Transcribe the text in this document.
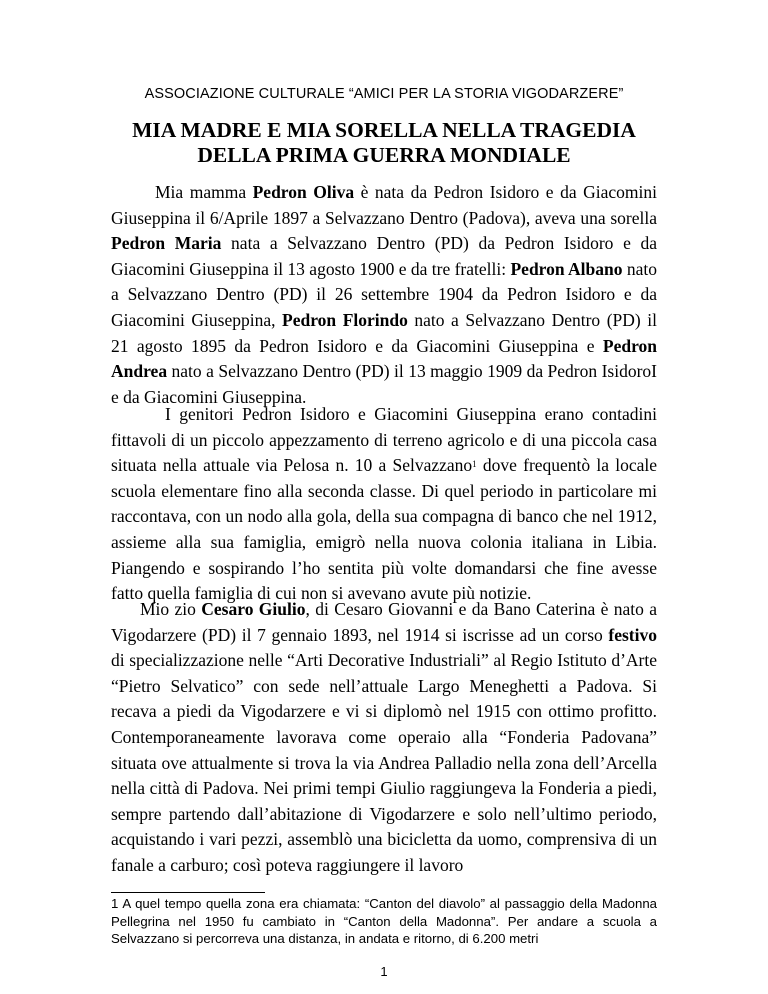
ASSOCIAZIONE CULTURALE “AMICI PER LA STORIA VIGODARZERE”
MIA MADRE E MIA SORELLA NELLA TRAGEDIA DELLA PRIMA GUERRA MONDIALE

Mia mamma Pedron Oliva è nata da Pedron Isidoro e da Giacomini Giuseppina il 6/Aprile 1897 a Selvazzano Dentro (Padova), aveva una sorella Pedron Maria nata a Selvazzano Dentro (PD) da Pedron Isidoro e da Giacomini Giuseppina il 13 agosto 1900 e da tre fratelli: Pedron Albano nato a Selvazzano Dentro (PD) il 26 settembre 1904 da Pedron Isidoro e da Giacomini Giuseppina, Pedron Florindo nato a Selvazzano Dentro (PD) il 21 agosto 1895 da Pedron Isidoro e da Giacomini Giuseppina e Pedron Andrea nato a Selvazzano Dentro (PD) il 13 maggio 1909 da Pedron IsidoroI e da Giacomini Giuseppina.

I genitori Pedron Isidoro e Giacomini Giuseppina erano contadini fittavoli di un piccolo appezzamento di terreno agricolo e di una piccola casa situata nella attuale via Pelosa n. 10 a Selvazzano$^1$ dove frequentò la locale scuola elementare fino alla seconda classe. Di quel periodo in particolare mi raccontava, con un nodo alla gola, della sua compagna di banco che nel 1912, assieme alla sua famiglia, emigrò nella nuova colonia italiana in Libia. Piangendo e sospirando l’ho sentita più volte domandarsi che fine avesse fatto quella famiglia di cui non si avevano avute più notizie.

Mio zio Cesaro Giulio, di Cesaro Giovanni e da Bano Caterina è nato a Vigodarzere (PD) il 7 gennaio 1893, nel 1914 si iscrisse ad un corso festivo di specializzazione nelle “Arti Decorative Industriali” al Regio Istituto d’Arte “Pietro Selvatico” con sede nell’attuale Largo Meneghetti a Padova. Si recava a piedi da Vigodarzere e vi si diplomò nel 1915 con ottimo profitto. Contemporaneamente lavorava come operaio alla “Fonderia Padovana” situata ove attualmente si trova la via Andrea Palladio nella zona dell’Arcella nella città di Padova. Nei primi tempi Giulio raggiungeva la Fonderia a piedi, sempre partendo dall’abitazione di Vigodarzere e solo nell’ultimo periodo, acquistando i vari pezzi, assemblò una bicicletta da uomo, comprensiva di un fanale a carburo; così poteva raggiungere il lavoro

1 A quel tempo quella zona era chiamata: “Canton del diavolo” al passaggio della Madonna Pellegrina nel 1950 fu cambiato in “Canton della Madonna”. Per andare a scuola a Selvazzano si percorreva una distanza, in andata e ritorno, di 6.200 metri
1
